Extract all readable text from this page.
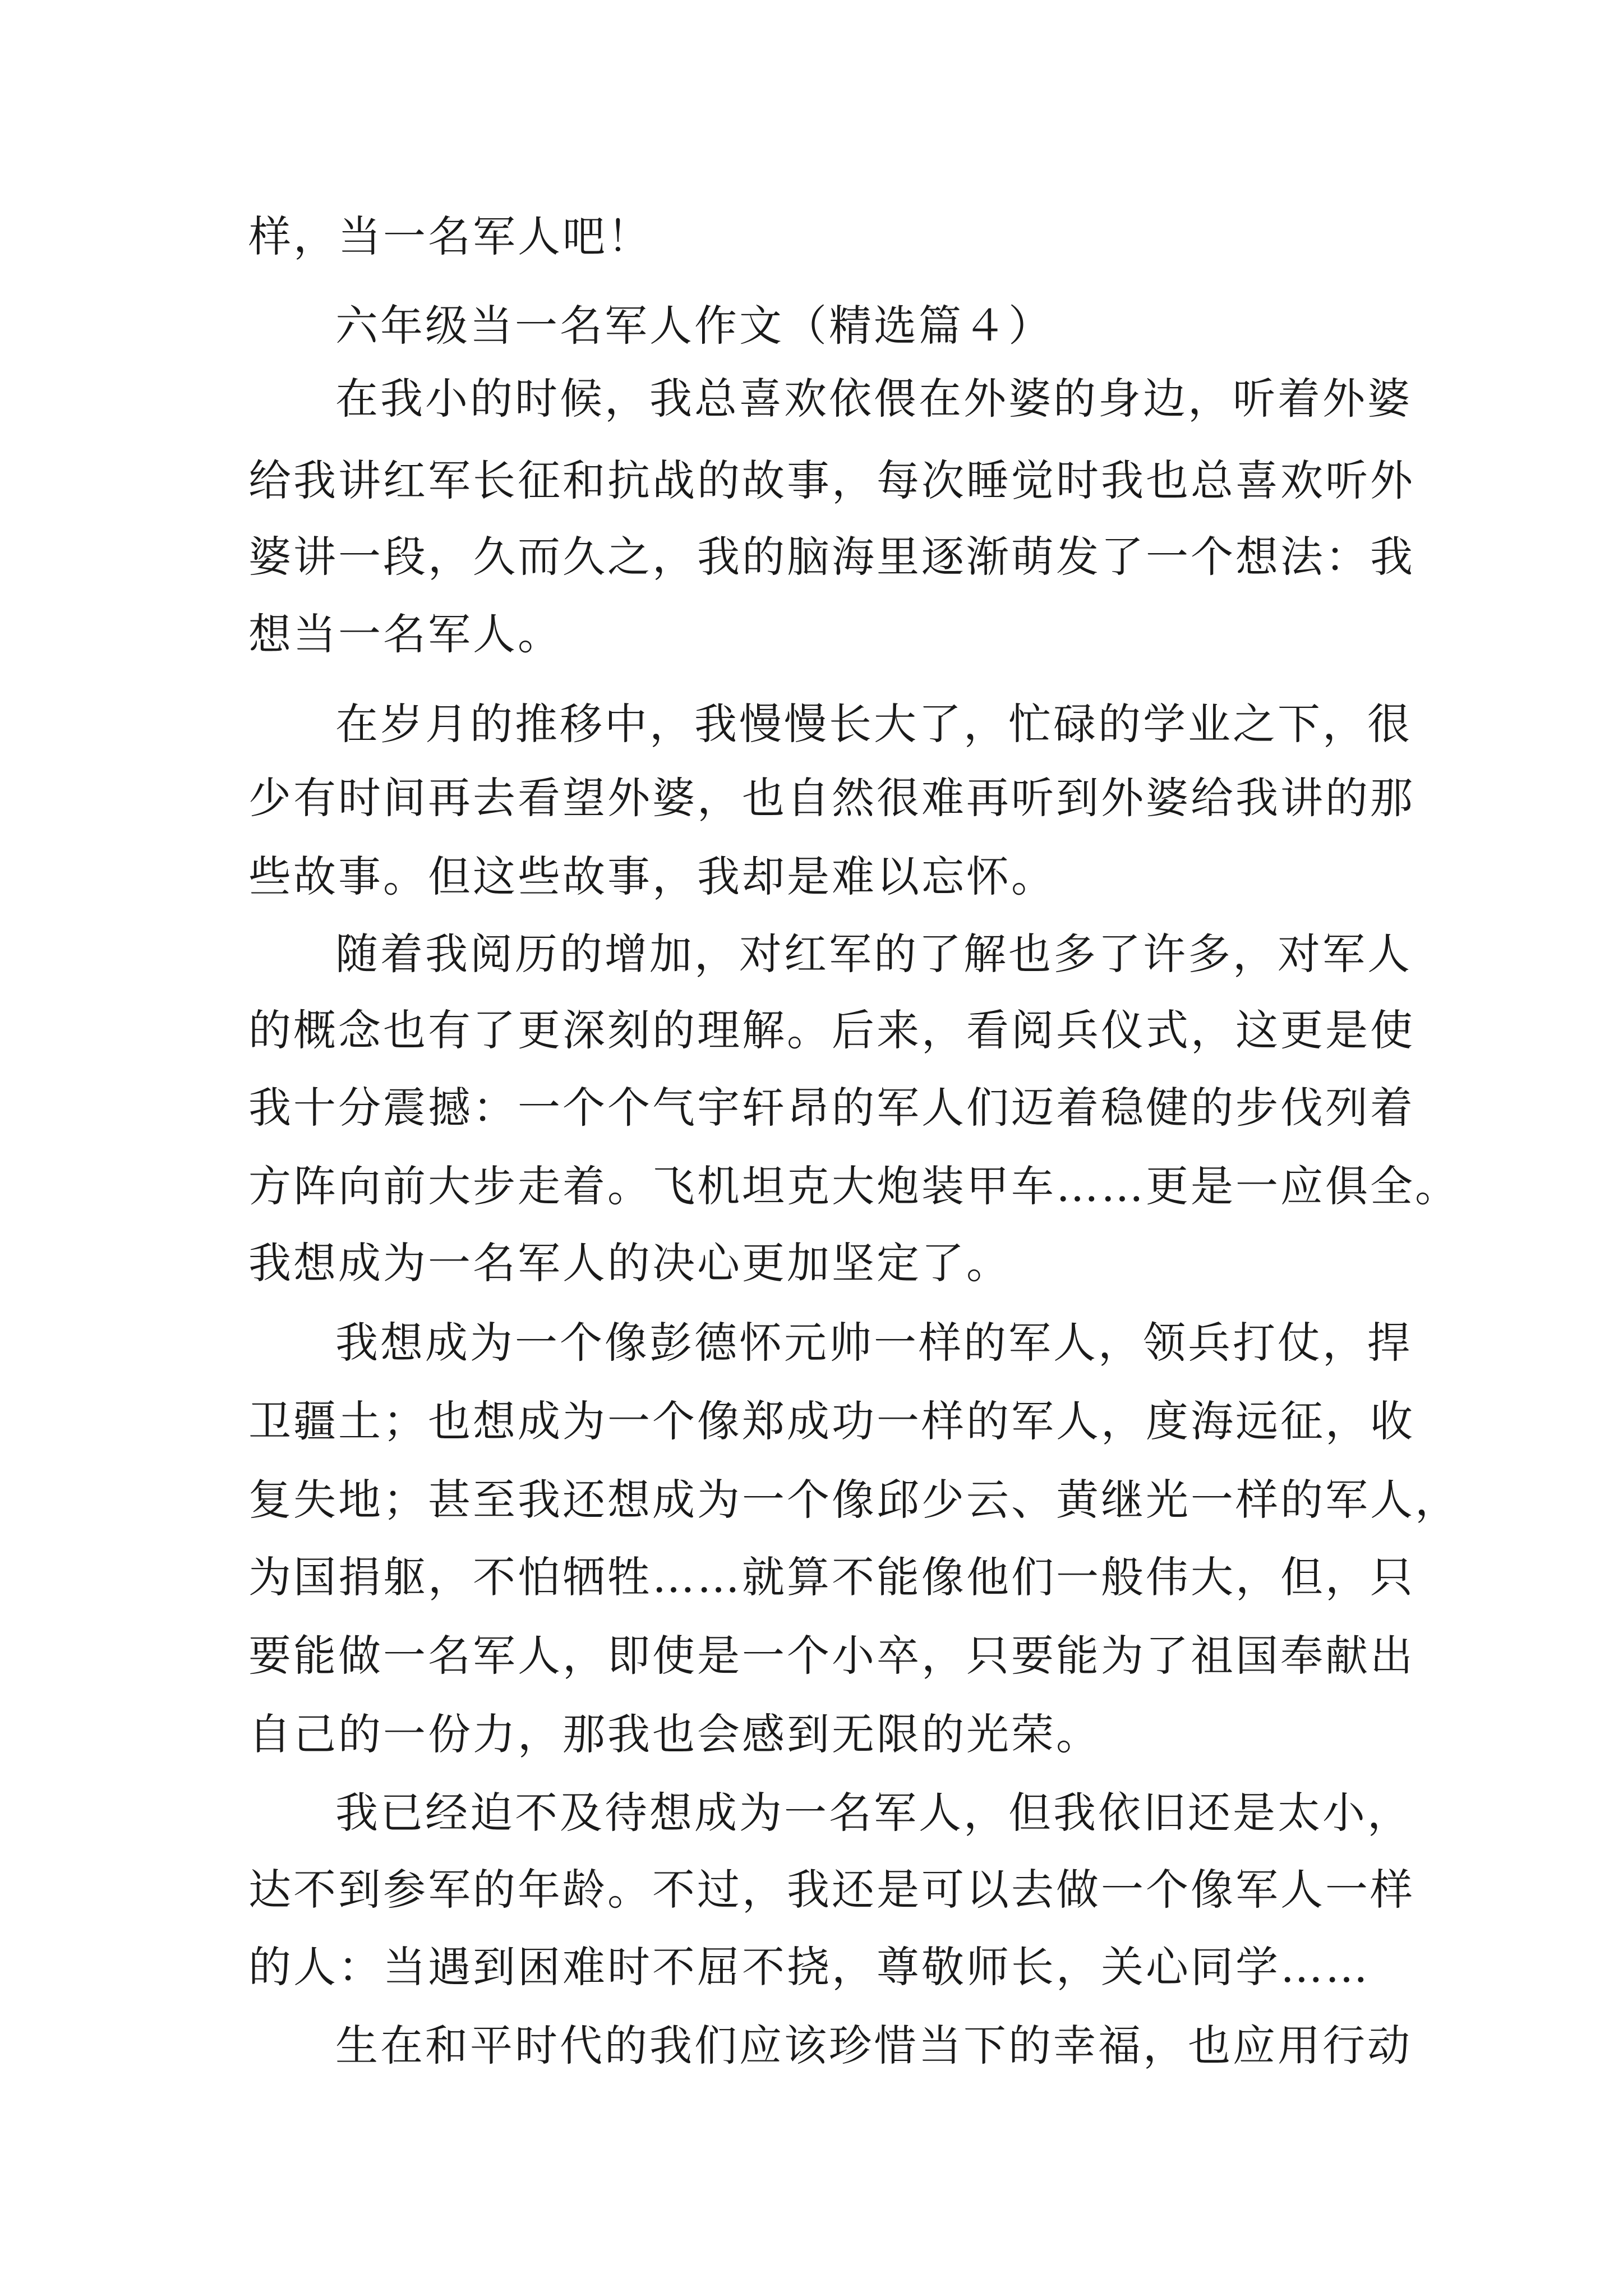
样，当一名军人吧！
六年级当一名军人作文（精选篇４）
在我小的时候，我总喜欢依偎在外婆的身边，听着外婆
给我讲红军长征和抗战的故事，每次睡觉时我也总喜欢听外
婆讲一段，久而久之，我的脑海里逐渐萌发了一个想法：我
想当一名军人。
在岁月的推移中，我慢慢长大了，忙碌的学业之下，很
少有时间再去看望外婆，也自然很难再听到外婆给我讲的那
些故事。但这些故事，我却是难以忘怀。
随着我阅历的增加，对红军的了解也多了许多，对军人
的概念也有了更深刻的理解。后来，看阅兵仪式，这更是使
我十分震撼：一个个气宇轩昂的军人们迈着稳健的步伐列着
方阵向前大步走着。飞机坦克大炮装甲车……更是一应俱全。
我想成为一名军人的决心更加坚定了。
我想成为一个像彭德怀元帅一样的军人，领兵打仗，捍
卫疆土；也想成为一个像郑成功一样的军人，度海远征，收
复失地；甚至我还想成为一个像邱少云、黄继光一样的军人，
为国捐躯，不怕牺牲……就算不能像他们一般伟大，但，只
要能做一名军人，即使是一个小卒，只要能为了祖国奉献出
自己的一份力，那我也会感到无限的光荣。
我已经迫不及待想成为一名军人，但我依旧还是太小，
达不到参军的年龄。不过，我还是可以去做一个像军人一样
的人：当遇到困难时不屈不挠，尊敬师长，关心同学……
生在和平时代的我们应该珍惜当下的幸福，也应用行动
